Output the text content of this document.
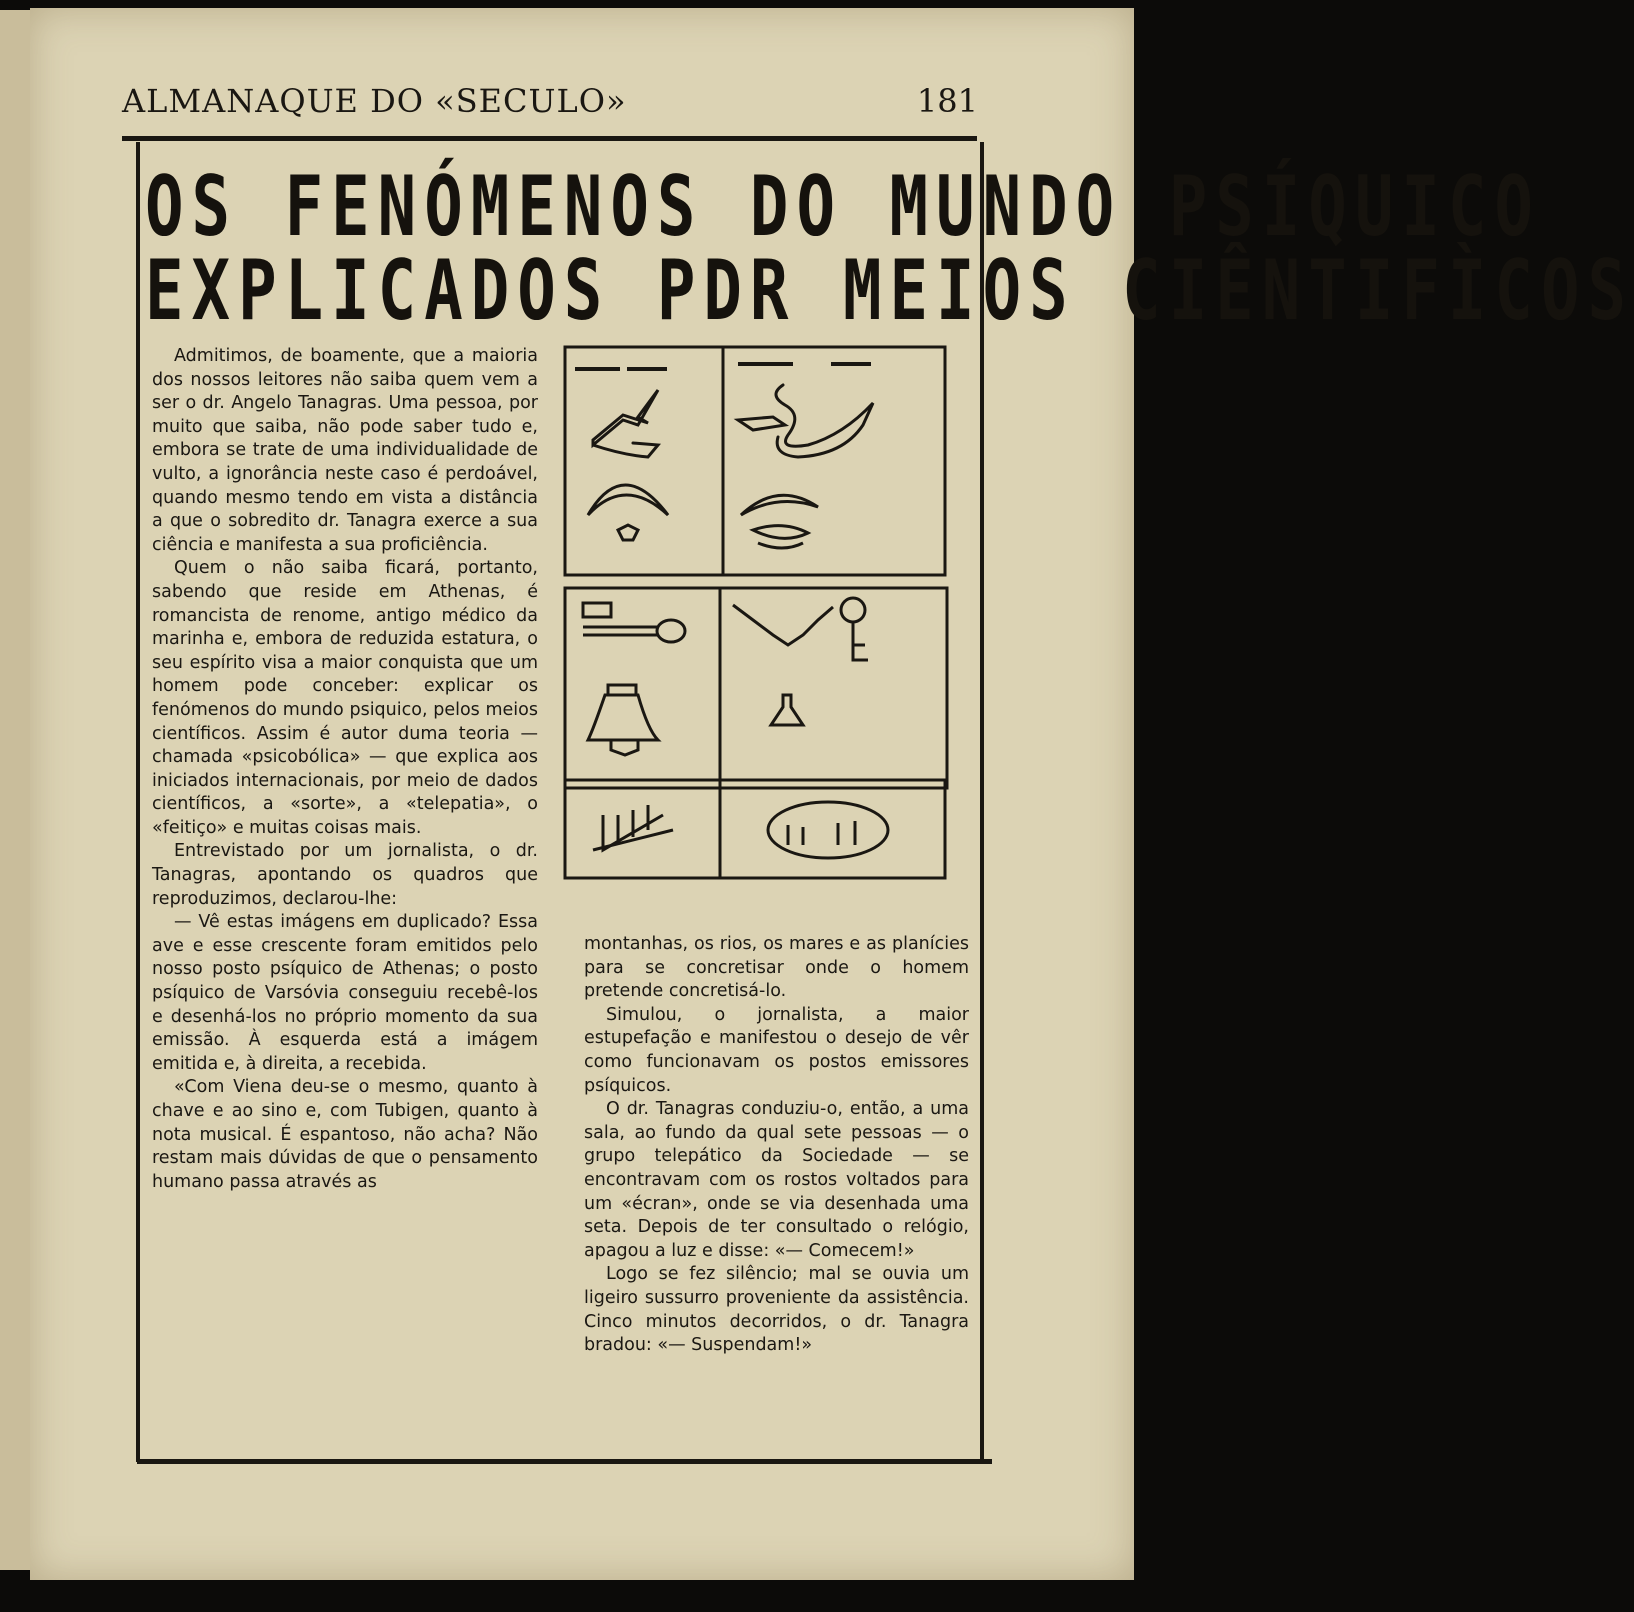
ALMANAQUE DO «SECULO»	181
OS FENÓMENOS DO MUNDO PSÍQUICO
EXPLICADOS PDR MEIOS CIÊNTIFÌCOS

Admitimos, de boamente, que a maioria dos nossos leitores não saiba quem vem a ser o dr. Angelo Tanagras. Uma pessoa, por muito que saiba, não pode saber tudo e, embora se trate de uma individualidade de vulto, a ignorância neste caso é perdoável, quando mesmo tendo em vista a distância a que o sobredito dr. Tanagra exerce a sua ciência e manifesta a sua proficiência.

Quem o não saiba ficará, portanto, sabendo que reside em Athenas, é romancista de renome, antigo médico da marinha e, embora de reduzida estatura, o seu espírito visa a maior conquista que um homem pode conceber: explicar os fenómenos do mundo psiquico, pelos meios científicos. Assim é autor duma teoria — chamada «psicobólica» — que explica aos iniciados internacionais, por meio de dados científicos, a «sorte», a «telepatia», o «feitiço» e muitas coisas mais.

Entrevistado por um jornalista, o dr. Tanagras, apontando os quadros que reproduzimos, declarou-lhe:

— Vê estas imágens em duplicado? Essa ave e esse crescente foram emitidos pelo nosso posto psíquico de Athenas; o posto psíquico de Varsóvia conseguiu recebê-los e desenhá-los no próprio momento da sua emissão. À esquerda está a imágem emitida e, à direita, a recebida.

«Com Viena deu-se o mesmo, quanto à chave e ao sino e, com Tubigen, quanto à nota musical. É espantoso, não acha? Não restam mais dúvidas de que o pensamento humano passa através as

montanhas, os rios, os mares e as planícies para se concretisar onde o homem pretende concretisá-lo.

Simulou, o jornalista, a maior estupefação e manifestou o desejo de vêr como funcionavam os postos emissores psíquicos.

O dr. Tanagras conduziu-o, então, a uma sala, ao fundo da qual sete pessoas — o grupo telepático da Sociedade — se encontravam com os rostos voltados para um «écran», onde se via desenhada uma seta. Depois de ter consultado o relógio, apagou a luz e disse: «— Comecem!»

Logo se fez silêncio; mal se ouvia um ligeiro sussurro proveniente da assistência. Cinco minutos decorridos, o dr. Tanagra bradou: «— Suspendam!»
